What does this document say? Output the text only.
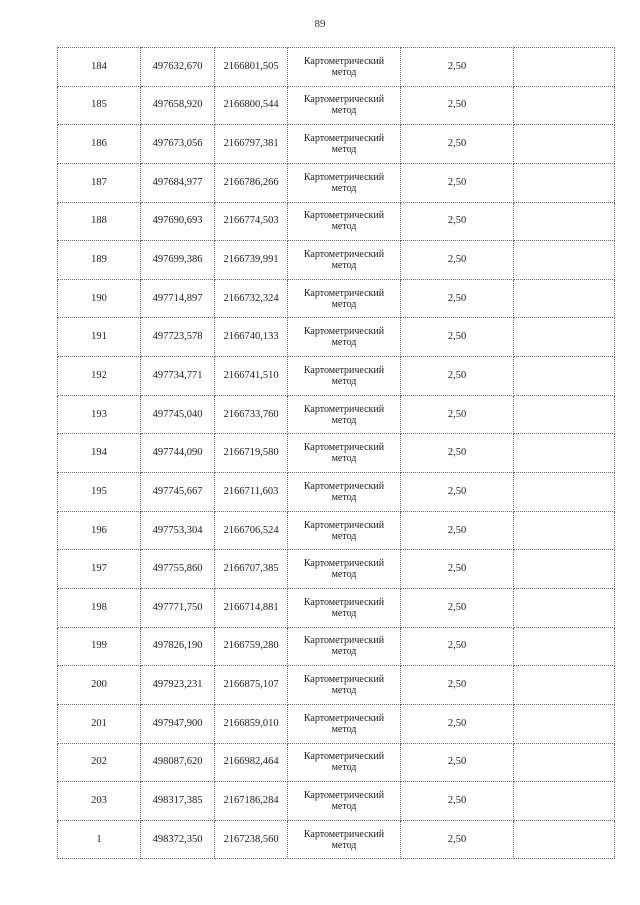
89
184	497632,670	2166801,505	Картометрический
метод	2,50	
185	497658,920	2166800,544	Картометрический
метод	2,50	
186	497673,056	2166797,381	Картометрический
метод	2,50	
187	497684,977	2166786,266	Картометрический
метод	2,50	
188	497690,693	2166774,503	Картометрический
метод	2,50	
189	497699,386	2166739,991	Картометрический
метод	2,50	
190	497714,897	2166732,324	Картометрический
метод	2,50	
191	497723,578	2166740,133	Картометрический
метод	2,50	
192	497734,771	2166741,510	Картометрический
метод	2,50	
193	497745,040	2166733,760	Картометрический
метод	2,50	
194	497744,090	2166719,580	Картометрический
метод	2,50	
195	497745,667	2166711,603	Картометрический
метод	2,50	
196	497753,304	2166706,524	Картометрический
метод	2,50	
197	497755,860	2166707,385	Картометрический
метод	2,50	
198	497771,750	2166714,881	Картометрический
метод	2,50	
199	497826,190	2166759,280	Картометрический
метод	2,50	
200	497923,231	2166875,107	Картометрический
метод	2,50	
201	497947,900	2166859,010	Картометрический
метод	2,50	
202	498087,620	2166982,464	Картометрический
метод	2,50	
203	498317,385	2167186,284	Картометрический
метод	2,50	
1	498372,350	2167238,560	Картометрический
метод	2,50	
